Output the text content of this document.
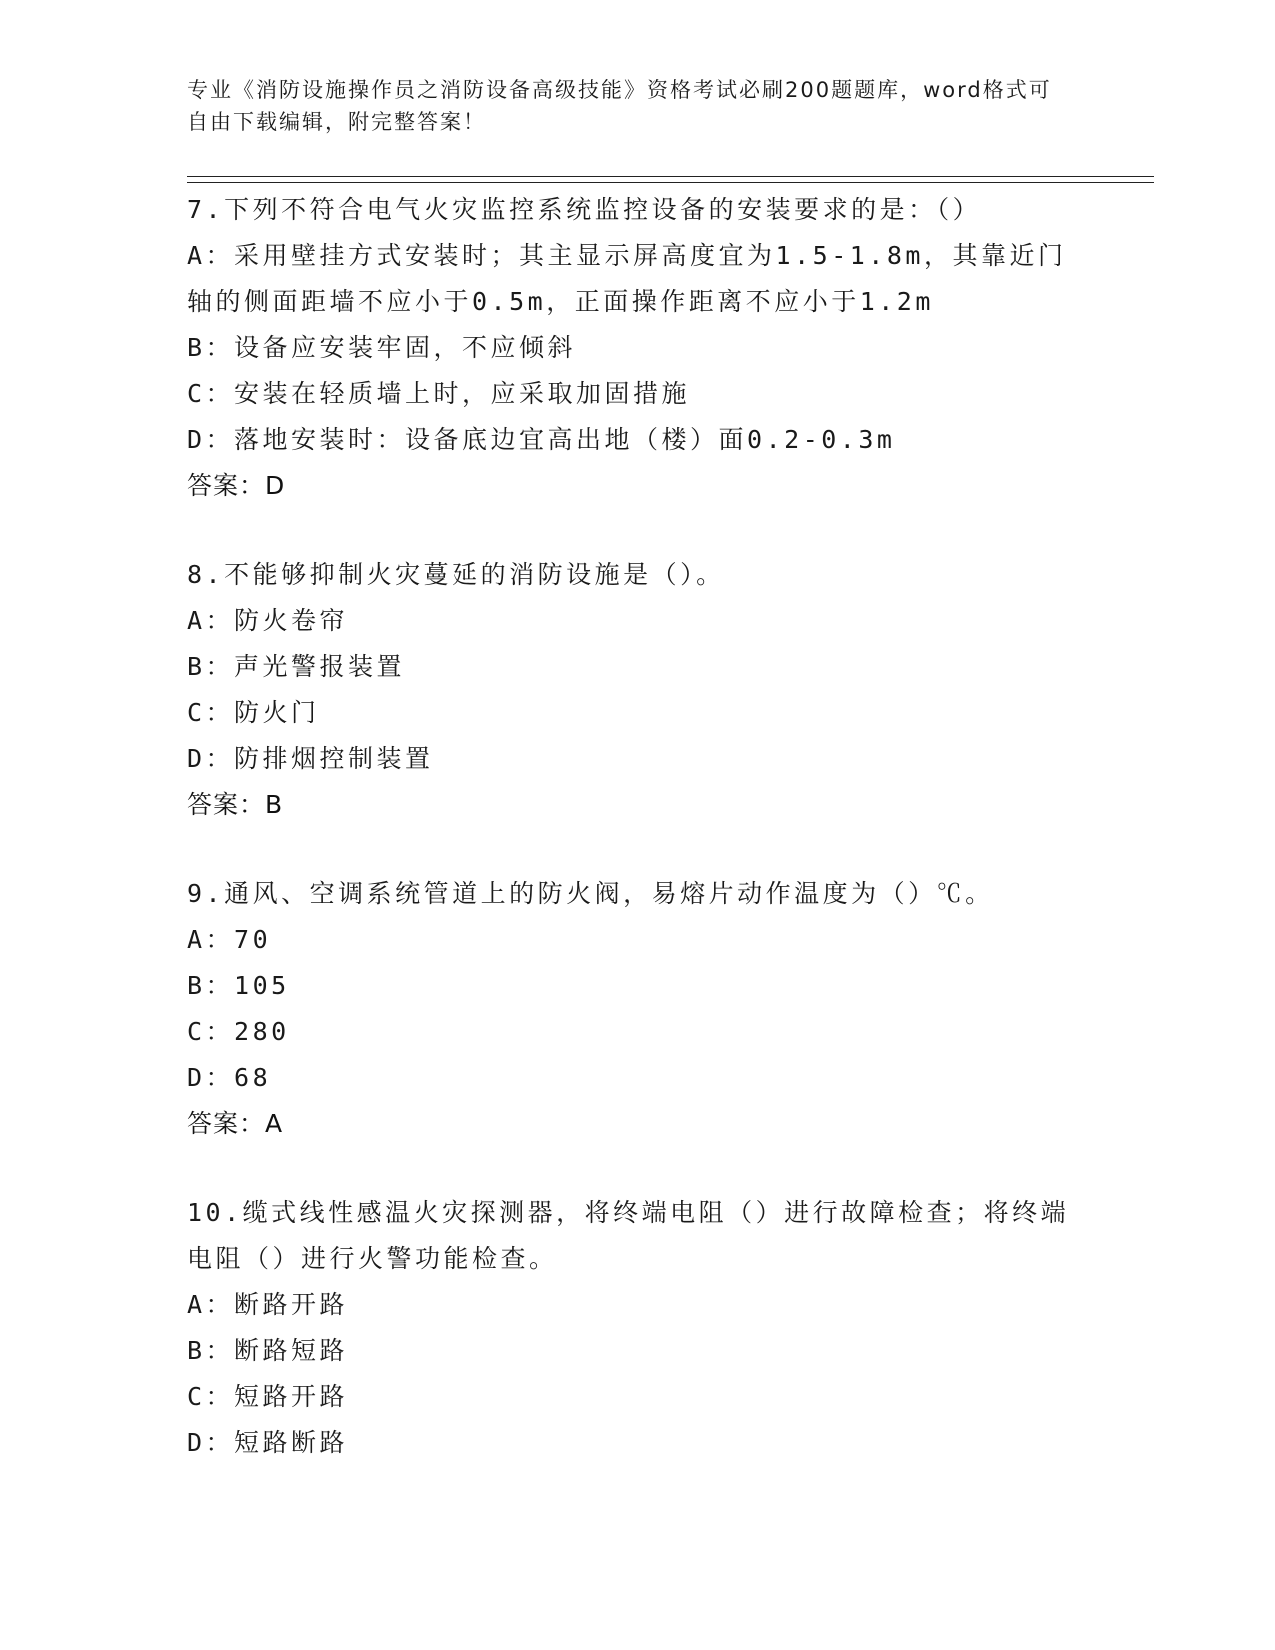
专业《消防设施操作员之消防设备高级技能》资格考试必刷200题题库，word格式可自由下载编辑，附完整答案！
7.下列不符合电气火灾监控系统监控设备的安装要求的是：（）
A：采用壁挂方式安装时；其主显示屏高度宜为1.5-1.8m，其靠近门轴的侧面距墙不应小于0.5m，正面操作距离不应小于1.2m
B：设备应安装牢固，不应倾斜
C：安装在轻质墙上时，应采取加固措施
D：落地安装时：设备底边宜高出地（楼）面0.2-0.3m
答案：D
8.不能够抑制火灾蔓延的消防设施是（）。
A：防火卷帘
B：声光警报装置
C：防火门
D：防排烟控制装置
答案：B
9.通风、空调系统管道上的防火阀，易熔片动作温度为（）℃。
A：70
B：105
C：280
D：68
答案：A
10.缆式线性感温火灾探测器，将终端电阻（）进行故障检查；将终端电阻（）进行火警功能检查。
A：断路开路
B：断路短路
C：短路开路
D：短路断路
